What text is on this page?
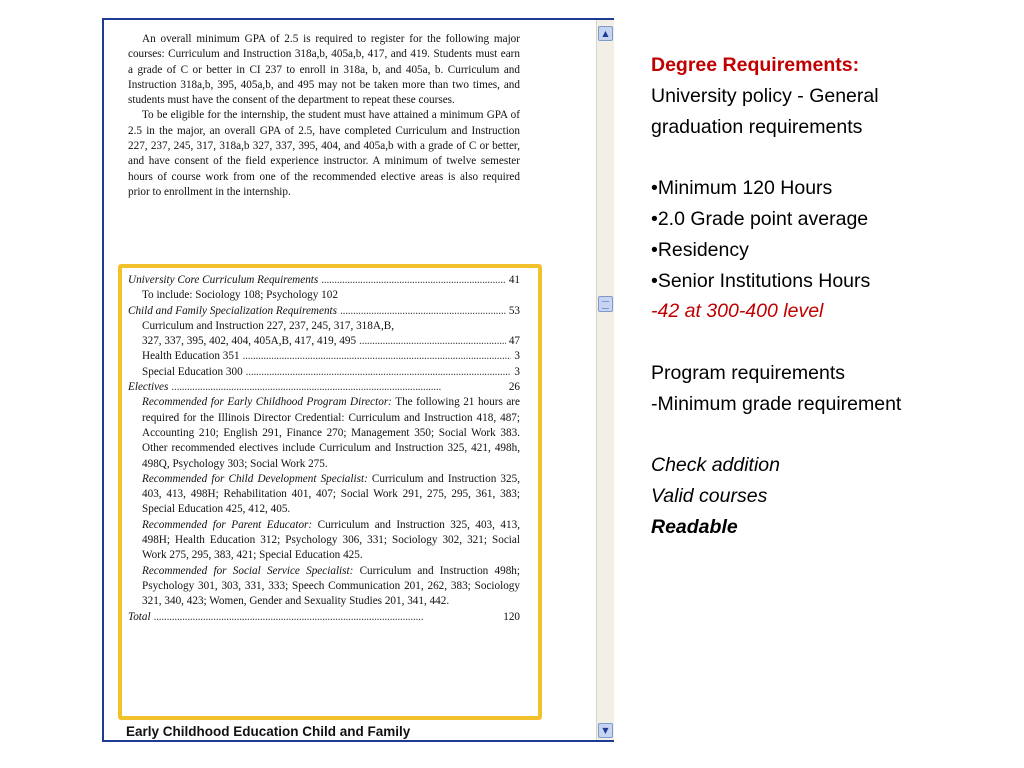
An overall minimum GPA of 2.5 is required to register for the following major courses: Curriculum and Instruction 318a,b, 405a,b, 417, and 419. Students must earn a grade of C or better in CI 237 to enroll in 318a, b, and 405a, b. Curriculum and Instruction 318a,b, 395, 405a,b, and 495 may not be taken more than two times, and students must have the consent of the department to repeat these courses.

To be eligible for the internship, the student must have attained a minimum GPA of 2.5 in the major, an overall GPA of 2.5, have completed Curriculum and Instruction 227, 237, 245, 317, 318a,b 327, 337, 395, 404, and 405a,b with a grade of C or better, and have consent of the field experience instructor. A minimum of twelve semester hours of course work from one of the recommended elective areas is also required prior to enrollment in the internship.

University Core Curriculum Requirements . . .	41
To include: Sociology 108; Psychology 102
Child and Family Specialization Requirements . . .	53
Curriculum and Instruction 227, 237, 245, 317, 318A,B,
327, 337, 395, 402, 404, 405A,B, 417, 419, 495 . . .	47
Health Education 351 . . .	3
Special Education 300 . . .	3
Electives . . .	26
Recommended for Early Childhood Program Director: The following 21 hours are required for the Illinois Director Credential: Curriculum and Instruction 418, 487; Accounting 210; English 291, Finance 270; Management 350; Social Work 383. Other recommended electives include Curriculum and Instruction 325, 421, 498h, 498Q, Psychology 303; Social Work 275.
Recommended for Child Development Specialist: Curriculum and Instruction 325, 403, 413, 498H; Rehabilitation 401, 407; Social Work 291, 275, 295, 361, 383; Special Education 425, 412, 405.
Recommended for Parent Educator: Curriculum and Instruction 325, 403, 413, 498H; Health Education 312; Psychology 306, 331; Sociology 302, 321; Social Work 275, 295, 383, 421; Special Education 425.
Recommended for Social Service Specialist: Curriculum and Instruction 498h; Psychology 301, 303, 331, 333; Speech Communication 201, 262, 383; Sociology 321, 340, 423; Women, Gender and Sexuality Studies 201, 341, 442.
Total . . .	120
Early Childhood Education Child and Family
▲
▼
Degree Requirements:
University policy - General
graduation requirements
•Minimum 120 Hours
•2.0 Grade point average
•Residency
•Senior Institutions Hours
-42 at 300-400 level
Program requirements
-Minimum grade requirement
Check addition
Valid courses
Readable
